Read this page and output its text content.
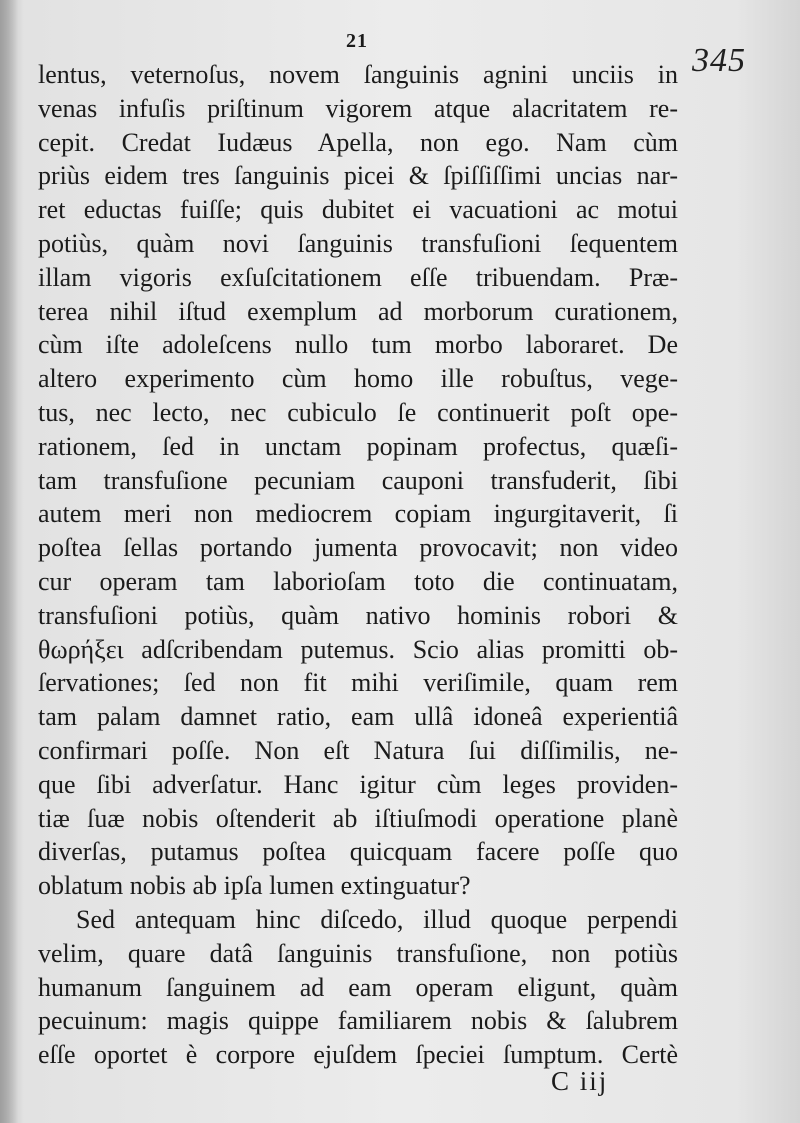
21
345
lentus, veternoſus, novem ſanguinis agnini unciis in
venas infuſis priſtinum vigorem atque alacritatem re-
cepit. Credat Iudæus Apella, non ego. Nam cùm
priùs eidem tres ſanguinis picei & ſpiſſiſſimi uncias nar-
ret eductas fuiſſe; quis dubitet ei vacuationi ac motui
potiùs, quàm novi ſanguinis transfuſioni ſequentem
illam vigoris exſuſcitationem eſſe tribuendam. Præ-
terea nihil iſtud exemplum ad morborum curationem,
cùm iſte adoleſcens nullo tum morbo laboraret. De
altero experimento cùm homo ille robuſtus, vege-
tus, nec lecto, nec cubiculo ſe continuerit poſt ope-
rationem, ſed in unctam popinam profectus, quæſi-
tam transfuſione pecuniam cauponi transfuderit, ſibi
autem meri non mediocrem copiam ingurgitaverit, ſi
poſtea ſellas portando jumenta provocavit; non video
cur operam tam laborioſam toto die continuatam,
transfuſioni potiùs, quàm nativo hominis robori &
θωρήξει adſcribendam putemus. Scio alias promitti ob-
ſervationes; ſed non fit mihi veriſimile, quam rem
tam palam damnet ratio, eam ullâ idoneâ experientiâ
confirmari poſſe. Non eſt Natura ſui diſſimilis, ne-
que ſibi adverſatur. Hanc igitur cùm leges providen-
tiæ ſuæ nobis oſtenderit ab iſtiuſmodi operatione planè
diverſas, putamus poſtea quicquam facere poſſe quo
oblatum nobis ab ipſa lumen extinguatur?
Sed antequam hinc diſcedo, illud quoque perpendi
velim, quare datâ ſanguinis transfuſione, non potiùs
humanum ſanguinem ad eam operam eligunt, quàm
pecuinum: magis quippe familiarem nobis & ſalubrem
eſſe oportet è corpore ejuſdem ſpeciei ſumptum. Certè
C iij
